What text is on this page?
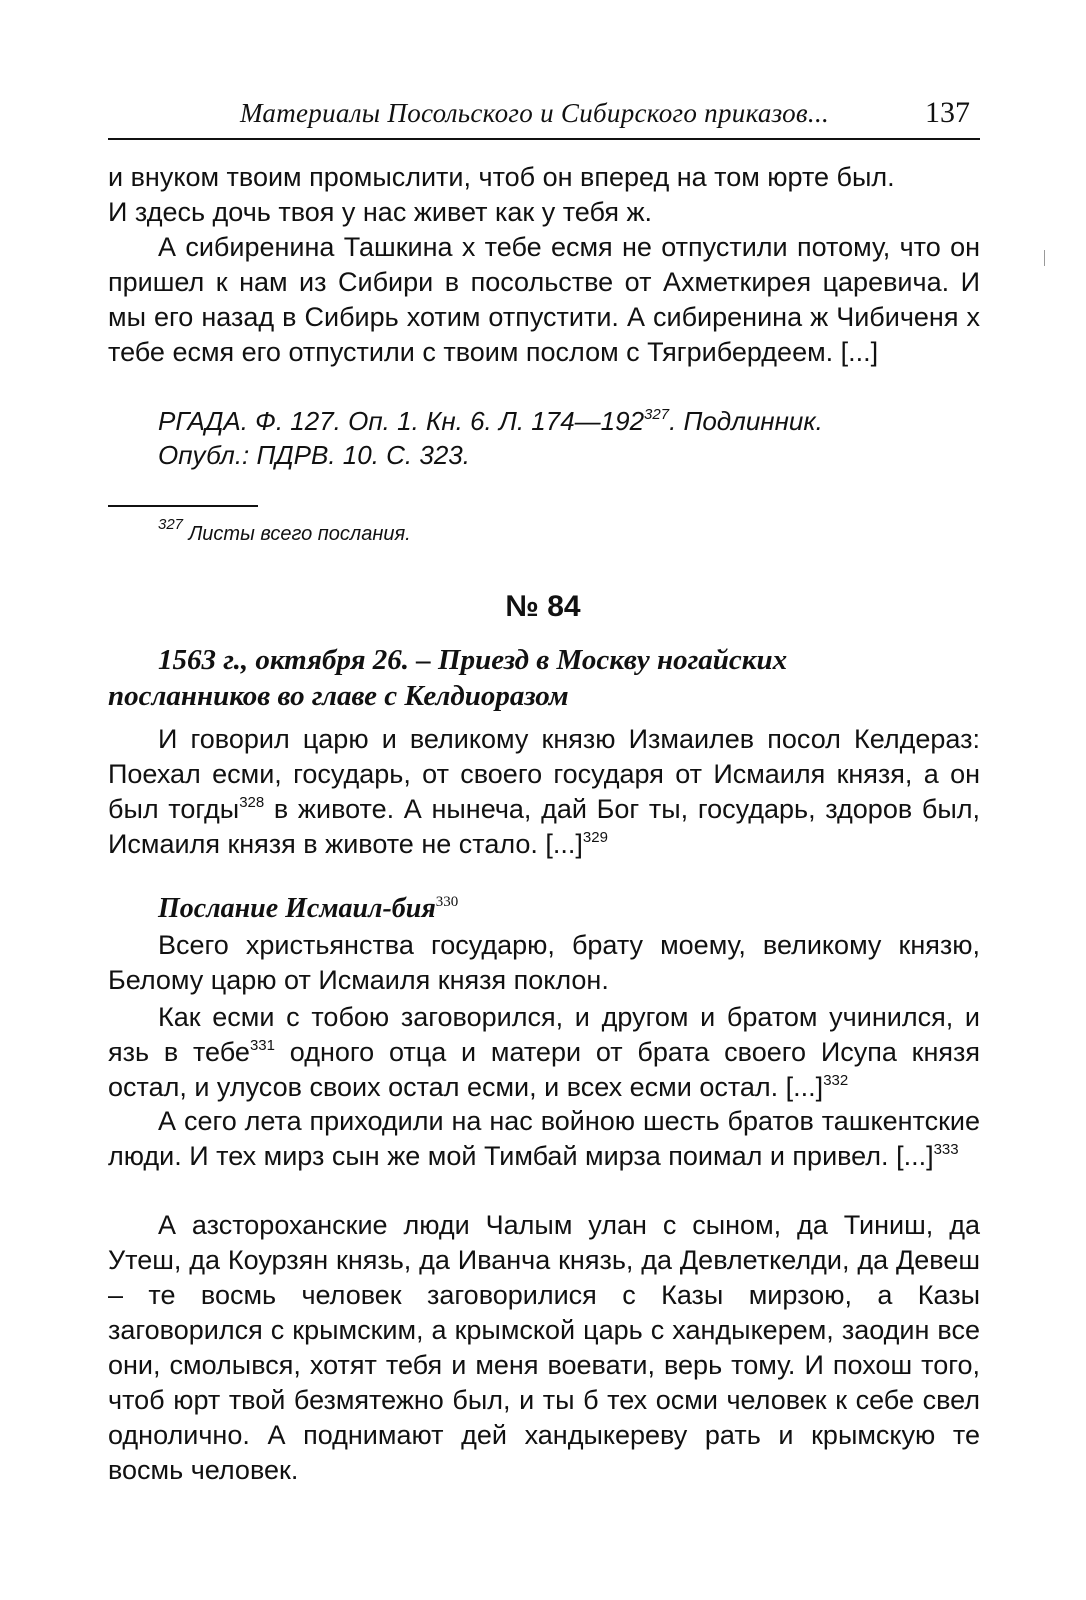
Материалы Посольского и Сибирского приказов...	137

и внуком твоим промыслити, чтоб он вперед на том юрте был.
И здесь дочь твоя у нас живет как у тебя ж.

А сибиренина Ташкина х тебе есмя не отпустили потому, что он пришел к нам из Сибири в посольстве от Ахметкирея царевича. И мы его назад в Сибирь хотим отпустити. А сибиренина ж Чибиченя х тебе есмя его отпустили с твоим послом с Тягрибердеем. [...]

РГАДА. Ф. 127. Оп. 1. Кн. 6. Л. $174—192^{327}$. Подлинник.

Опубл.: ПДРВ. 10. С. 323.

$^{327}$ Листы всего послания.
№ 84

1563 г., октября 26. – Приезд в Москву ногайских
посланников во главе с Келдиоразом

И говорил царю и великому князю Измаилев посол Келдераз: Поехал есми, государь, от своего государя от Исмаиля князя, а он был тогды$^{328}$ в животе. А нынеча, дай Бог ты, государь, здоров был, Исмаиля князя в животе не стало. [...]$^{329}$

Послание Исмаил-бия$^{330}$

Всего христьянства государю, брату моему, великому князю, Белому царю от Исмаиля князя поклон.

Как есми с тобою заговорился, и другом и братом учинился, и язь в тебе$^{331}$ одного отца и матери от брата своего Исупа князя остал, и улусов своих остал есми, и всех есми остал. [...]$^{332}$

А сего лета приходили на нас войною шесть братов ташкентские люди. И тех мирз сын же мой Тимбай мирза поимал и привел. [...]$^{333}$

А азстороханские люди Чалым улан с сыном, да Тиниш, да Утеш, да Коурзян князь, да Иванча князь, да Девлеткелди, да Девеш – те восмь человек заговорилися с Казы мирзою, а Казы заговорился с крымским, а крымской царь с хандыкерем, заодин все они, смолывся, хотят тебя и меня воевати, верь тому. И похош того, чтоб юрт твой безмятежно был, и ты б тех осми человек к себе свел однолично. А поднимают дей хандыкереву рать и крымскую те восмь человек.
